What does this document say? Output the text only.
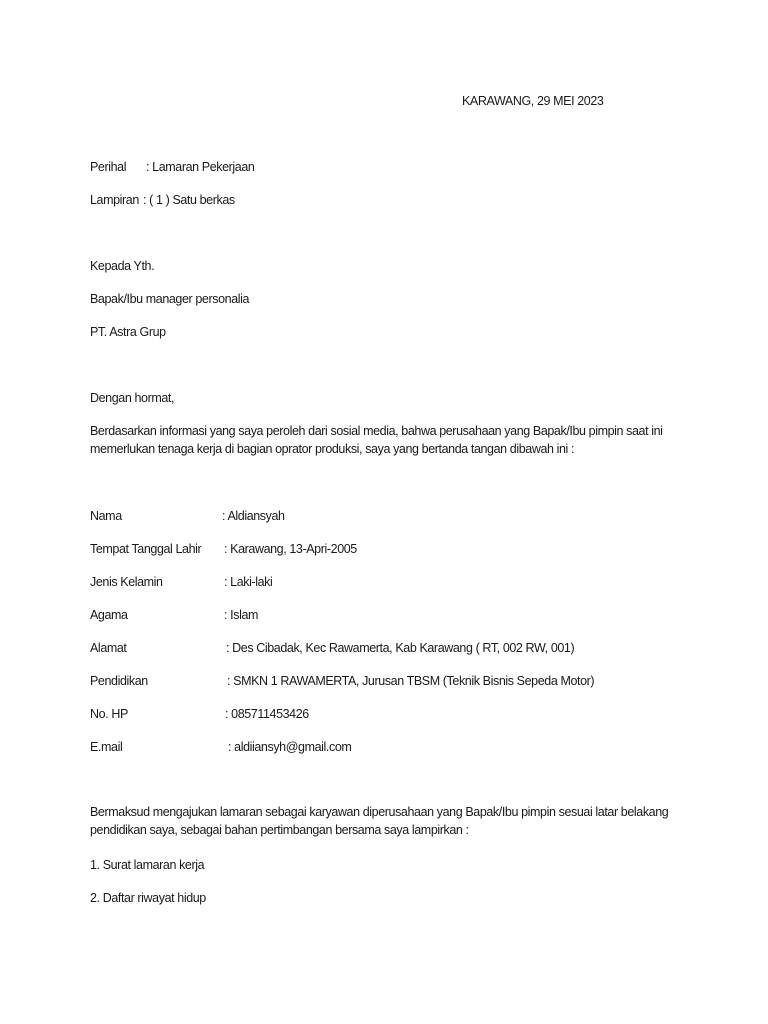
KARAWANG, 29 MEI 2023
Perihal : Lamaran Pekerjaan
Lampiran : ( 1 ) Satu berkas
Kepada Yth.
Bapak/Ibu manager personalia
PT. Astra Grup
Dengan hormat,
Berdasarkan informasi yang saya peroleh dari sosial media, bahwa perusahaan yang Bapak/Ibu pimpin saat ini
memerlukan tenaga kerja di bagian oprator produksi, saya yang bertanda tangan dibawah ini :
Nama	: Aldiansyah
Tempat Tanggal Lahir : Karawang, 13-Apri-2005
Jenis Kelamin	: Laki-laki
Agama	: Islam
Alamat	: Des Cibadak, Kec Rawamerta, Kab Karawang ( RT, 002 RW, 001)
Pendidikan	: SMKN 1 RAWAMERTA, Jurusan TBSM (Teknik Bisnis Sepeda Motor)
No. HP	: 085711453426
E.mail	: aldiiansyh@gmail.com
Bermaksud mengajukan lamaran sebagai karyawan diperusahaan yang Bapak/Ibu pimpin sesuai latar belakang
pendidikan saya, sebagai bahan pertimbangan bersama saya lampirkan :
1. Surat lamaran kerja
2. Daftar riwayat hidup
